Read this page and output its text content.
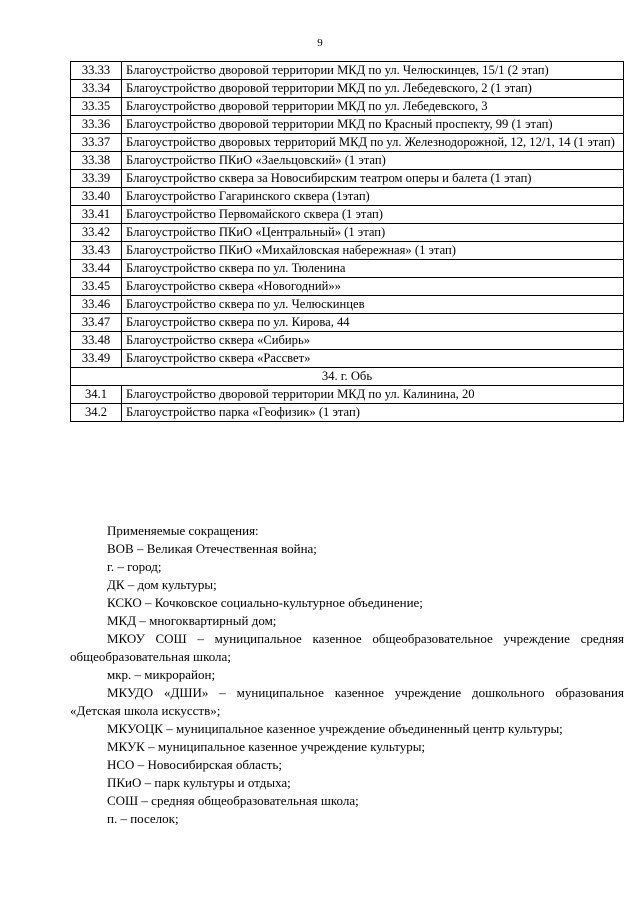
9
33.33	Благоустройство дворовой территории МКД по ул. Челюскинцев, 15/1 (2 этап)
33.34	Благоустройство дворовой территории МКД по ул. Лебедевского, 2 (1 этап)
33.35	Благоустройство дворовой территории МКД по ул. Лебедевского, 3
33.36	Благоустройство дворовой территории МКД по Красный проспекту, 99 (1 этап)
33.37	Благоустройство дворовых территорий МКД по ул. Железнодорожной, 12, 12/1, 14 (1 этап)
33.38	Благоустройство ПКиО «Заельцовский» (1 этап)
33.39	Благоустройство сквера за Новосибирским театром оперы и балета (1 этап)
33.40	Благоустройство Гагаринского сквера (1этап)
33.41	Благоустройство Первомайского сквера (1 этап)
33.42	Благоустройство ПКиО «Центральный» (1 этап)
33.43	Благоустройство ПКиО «Михайловская набережная» (1 этап)
33.44	Благоустройство сквера по ул. Тюленина
33.45	Благоустройство сквера «Новогодний»»
33.46	Благоустройство сквера по ул. Челюскинцев
33.47	Благоустройство сквера по ул. Кирова, 44
33.48	Благоустройство сквера «Сибирь»
33.49	Благоустройство сквера «Рассвет»
34. г. Обь	
34.1	Благоустройство дворовой территории МКД по ул. Калинина, 20
34.2	Благоустройство парка «Геофизик» (1 этап)

Применяемые сокращения:

ВОВ – Великая Отечественная война;

г. – город;

ДК – дом культуры;

КСКО – Кочковское социально-культурное объединение;

МКД – многоквартирный дом;

МКОУ СОШ – муниципальное казенное общеобразовательное учреждение средняя общеобразовательная школа;

мкр. – микрорайон;

МКУДО «ДШИ» – муниципальное казенное учреждение дошкольного образования «Детская школа искусств»;

МКУОЦК – муниципальное казенное учреждение объединенный центр культуры;

МКУК – муниципальное казенное учреждение культуры;

НСО – Новосибирская область;

ПКиО – парк культуры и отдыха;

СОШ – средняя общеобразовательная школа;

п. – поселок;
